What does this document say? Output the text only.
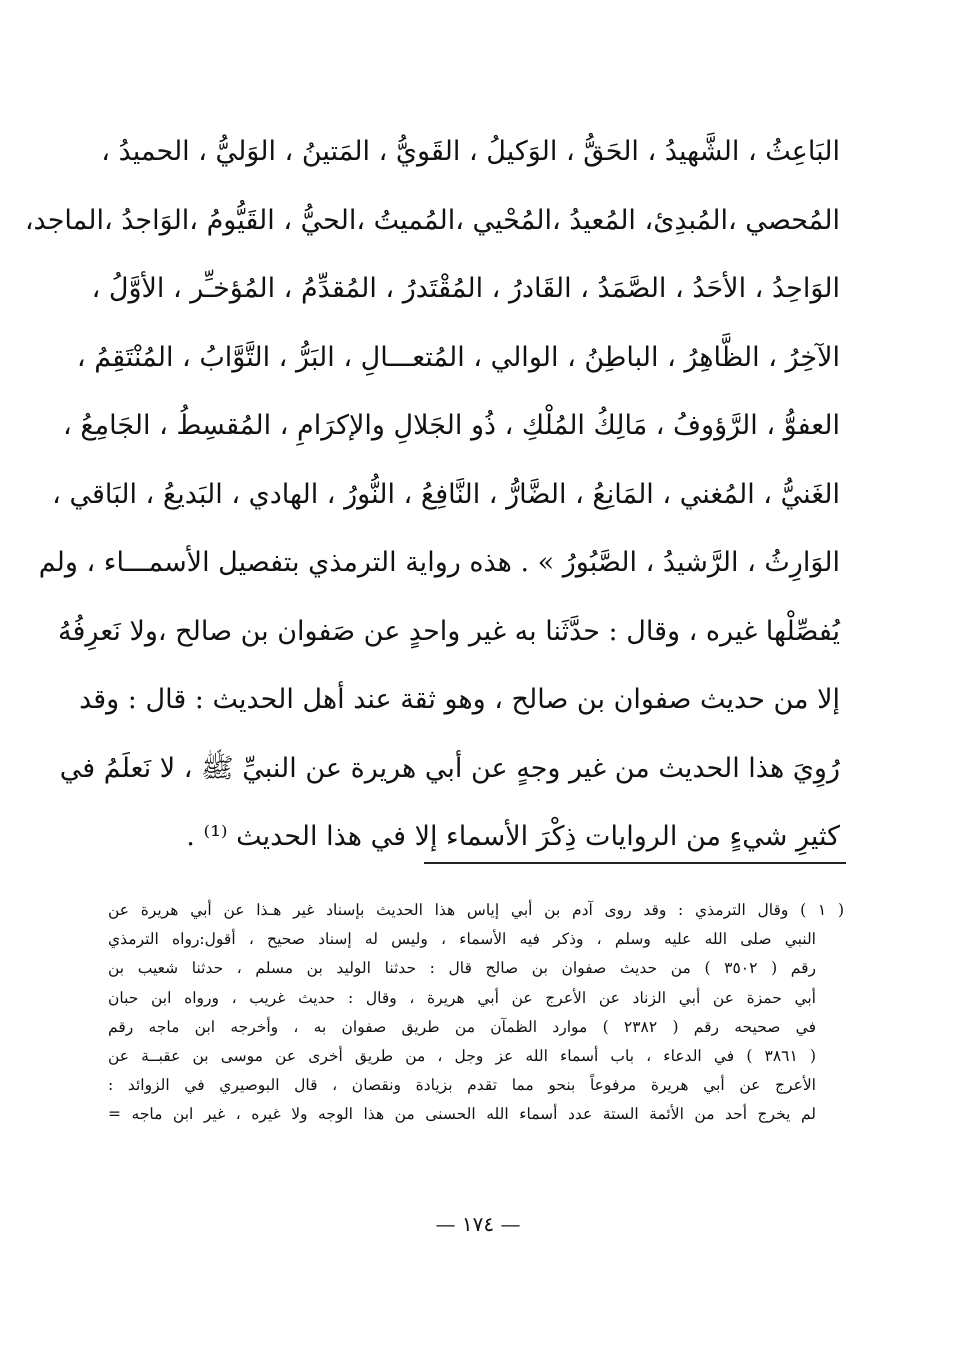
البَاعِثُ ، الشَّهيدُ ، الحَقُّ ، الوَكيلُ ، القَويُّ ، المَتينُ ، الوَليُّ ، الحميدُ ،
المُحصي ،المُبدِئ، المُعيدُ ،المُحْيي ،المُميتُ ،الحيُّ ، القَيُّومُ ،الوَاجدُ ،الماجد،
الوَاحِدُ ، الأحَدُ ، الصَّمَدُ ، القَادرُ ، المُقْتَدرُ ، المُقدِّمُ ، المُؤخـِّر ، الأوَّلُ ،
الآخِرُ ، الظَّاهِرُ ، الباطِنُ ، الوالي ، المُتعـــالِ ، البَرُّ ، التَّوَّابُ ، المُنْتَقِمُ ،
العفوُّ ، الرَّؤوفُ ، مَالِكُ المُلْكِ ، ذُو الجَلالِ والإكرَامِ ، المُقسِطُ ، الجَامِعُ ،
الغَنيُّ ، المُغني ، المَانِعُ ، الضَّارُّ ، النَّافِعُ ، النُّورُ ، الهادي ، البَديعُ ، البَاقي ،
الوَارِثُ ، الرَّشيدُ ، الصَّبُورُ » . هذه رواية الترمذي بتفصيل الأسمـــاء ، ولم
يُفصِّلْها غيره ، وقال : حدَّثَنا به غير واحدٍ عن صَفوان بن صالح ،ولا نَعرِفُهُ
إلا من حديث صفوان بن صالح ، وهو ثقة عند أهل الحديث : قال : وقد
رُوِيَ هذا الحديث من غير وجهٍ عن أبي هريرة عن النبيِّ ﷺ ، لا نَعلَمُ في
كثيرِ شيءٍ من الروايات ذِكْرَ الأسماء إلا في هذا الحديث ⁽¹⁾ .
( ١ ) وقال الترمذي : وقد روى آدم بن أبي إياس هذا الحديث بإسناد غير هـذا عن أبي هريرة عن
النبي صلى الله عليه وسلم ، وذكر فيه الأسماء ، وليس له إسناد صحيح ، أقول:رواه الترمذي
رقم ( ٣٥٠٢ ) من حديث صفوان بن صالح قال : حدثنا الوليد بن مسلم ، حدثنا شعيب بن
أبي حمزة عن أبي الزناد عن الأعرج عن أبي هريرة ، وقال : حديث غريب ، ورواه ابن حبان
في صحيحه رقم ( ٢٣٨٢ ) موارد الظمآن من طريق صفوان به ، وأخرجه ابن ماجه رقم
( ٣٨٦١ ) في الدعاء ، باب أسماء الله عز وجل ، من طريق أخرى عن موسى بن عقبــة عن
الأعرج عن أبي هريرة مرفوعاً بنحو مما تقدم بزيادة ونقصان ، قال البوصيري في الزوائد :
لم يخرج أحد من الأئمة الستة عدد أسماء الله الحسنى من هذا الوجه ولا غيره ، غير ابن ماجه =
— ١٧٤ —
